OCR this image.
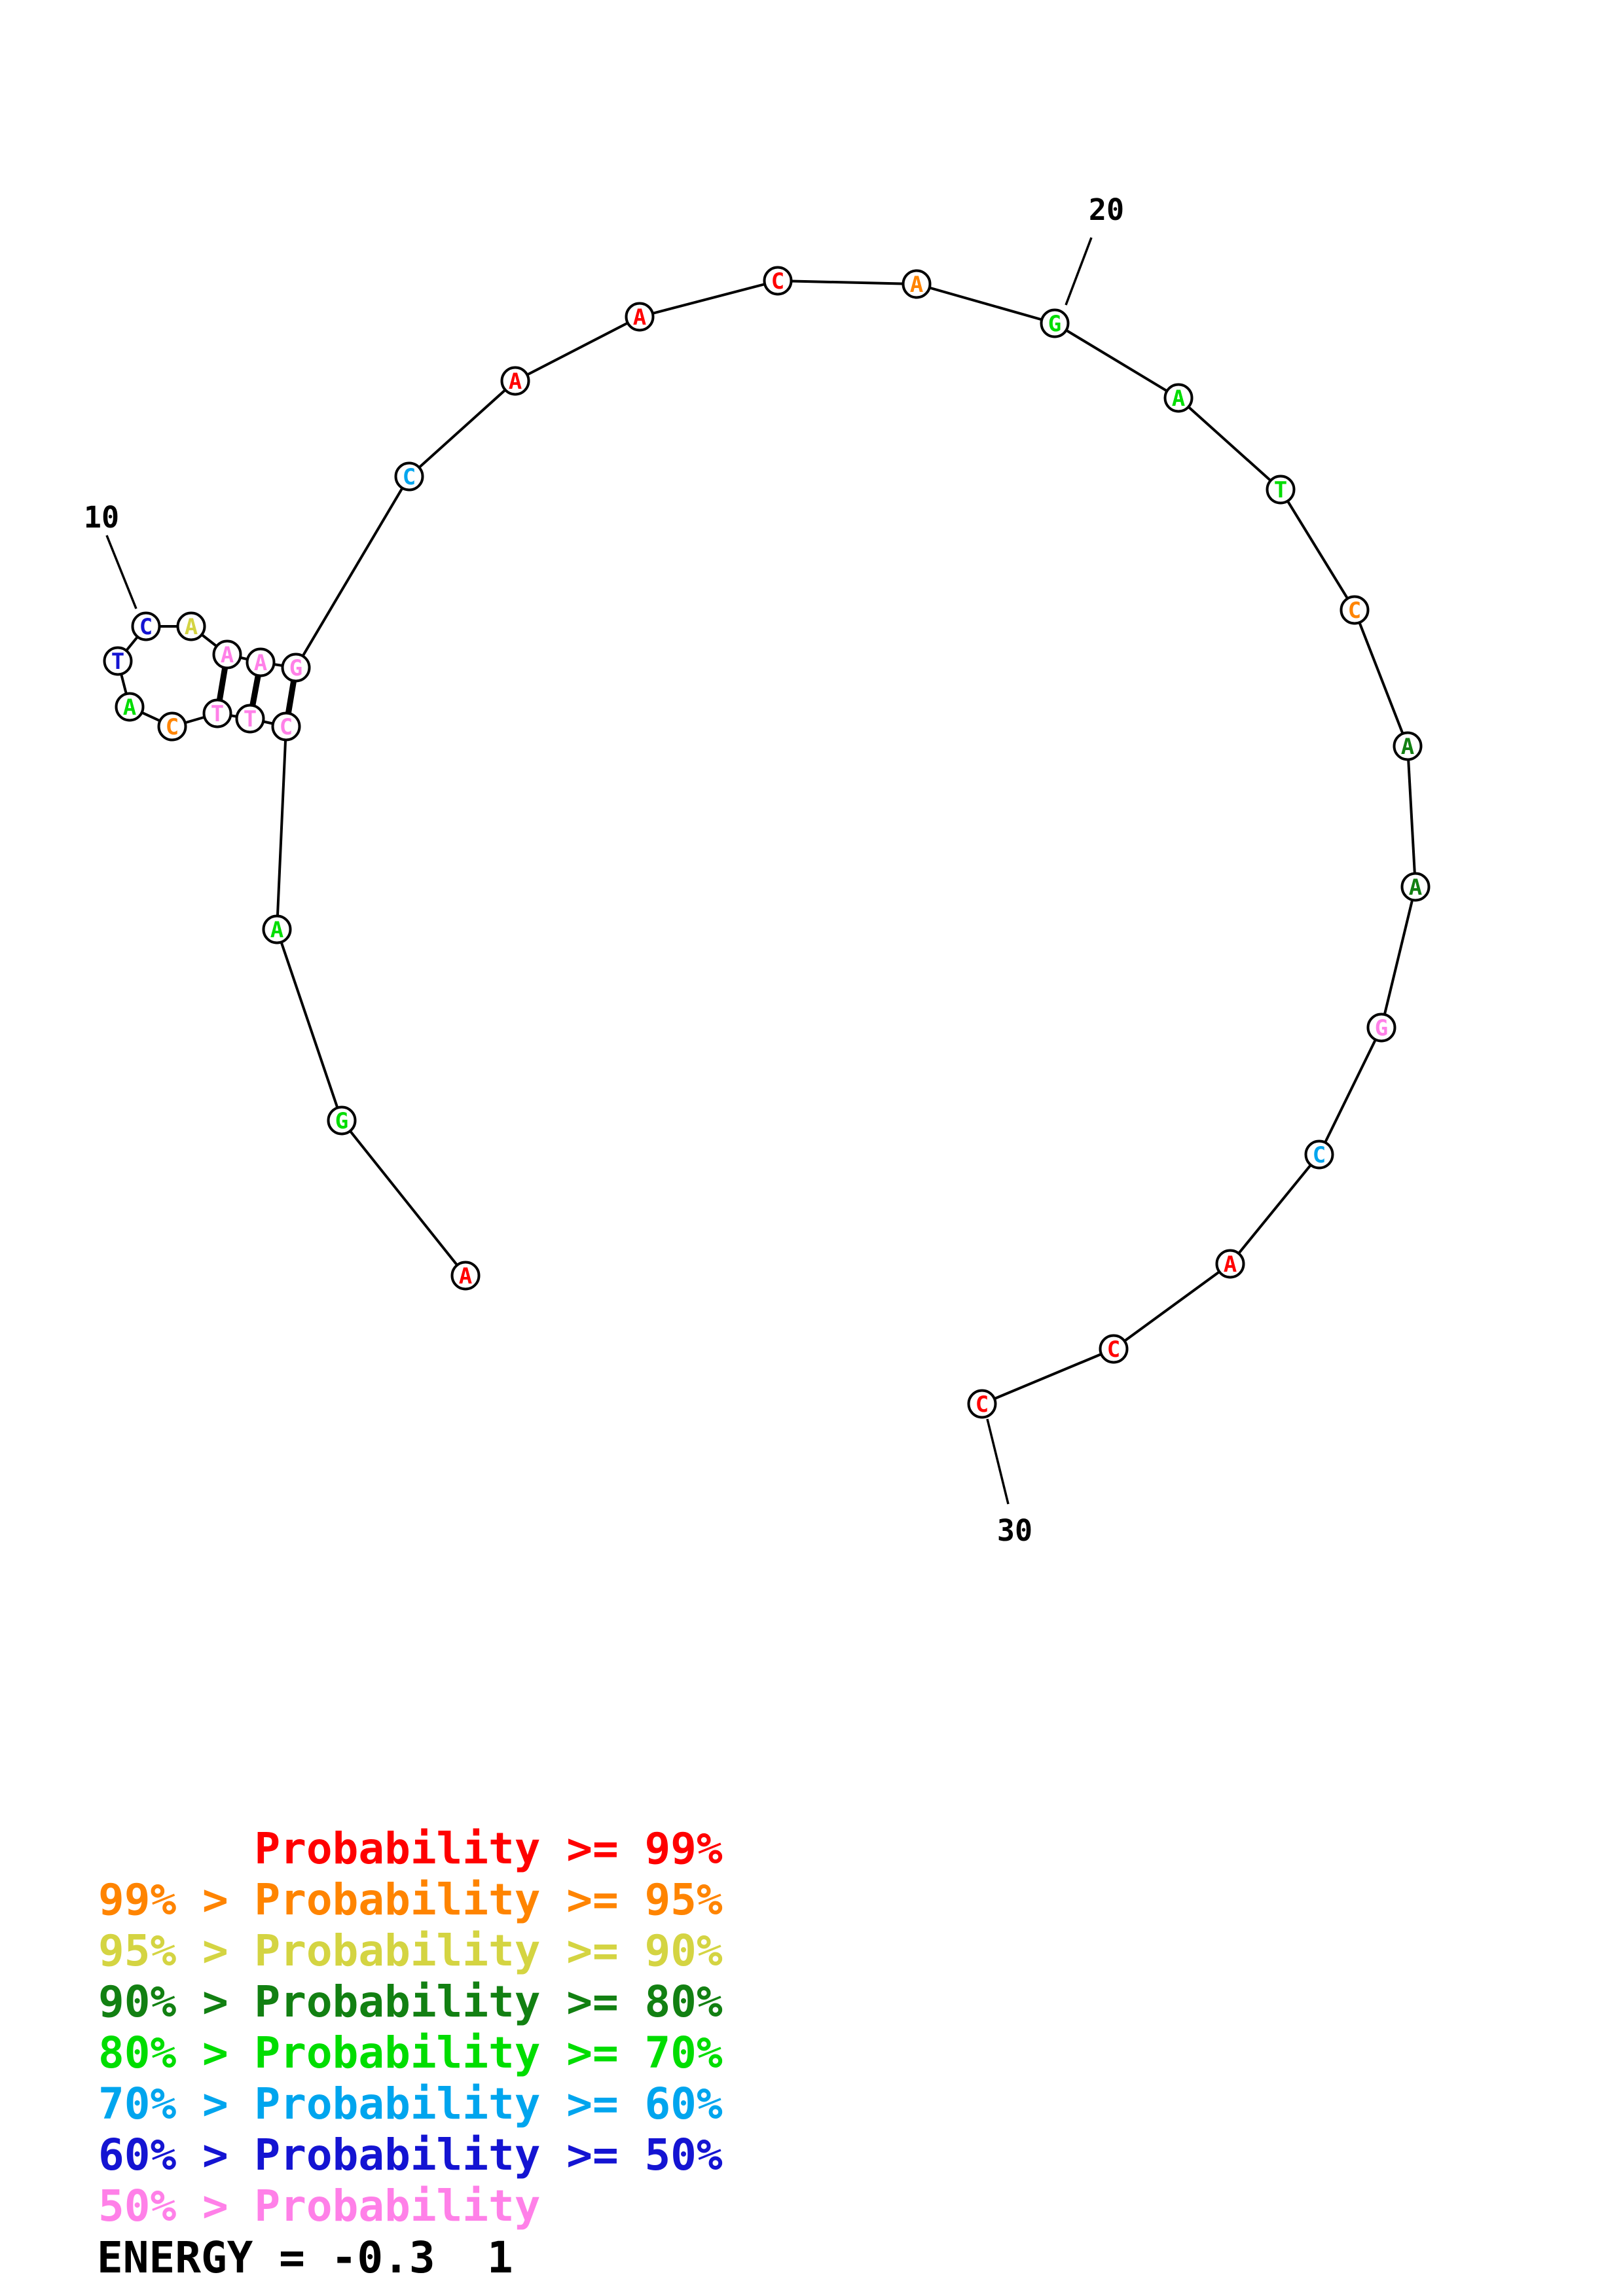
A
G
A
C
T
T
C
A
T
C A
A A G
C
A
A
C	A
G
A
T
C
A
A
G
C
A
C
C
10
20
30
Probability >= 99%
99% > Probability >= 95%
95% > Probability >= 90%
90% > Probability >= 80%
80% > Probability >= 70%
70% > Probability >= 60%
60% > Probability >= 50%
50% > Probability
ENERGY = -0.3  1
